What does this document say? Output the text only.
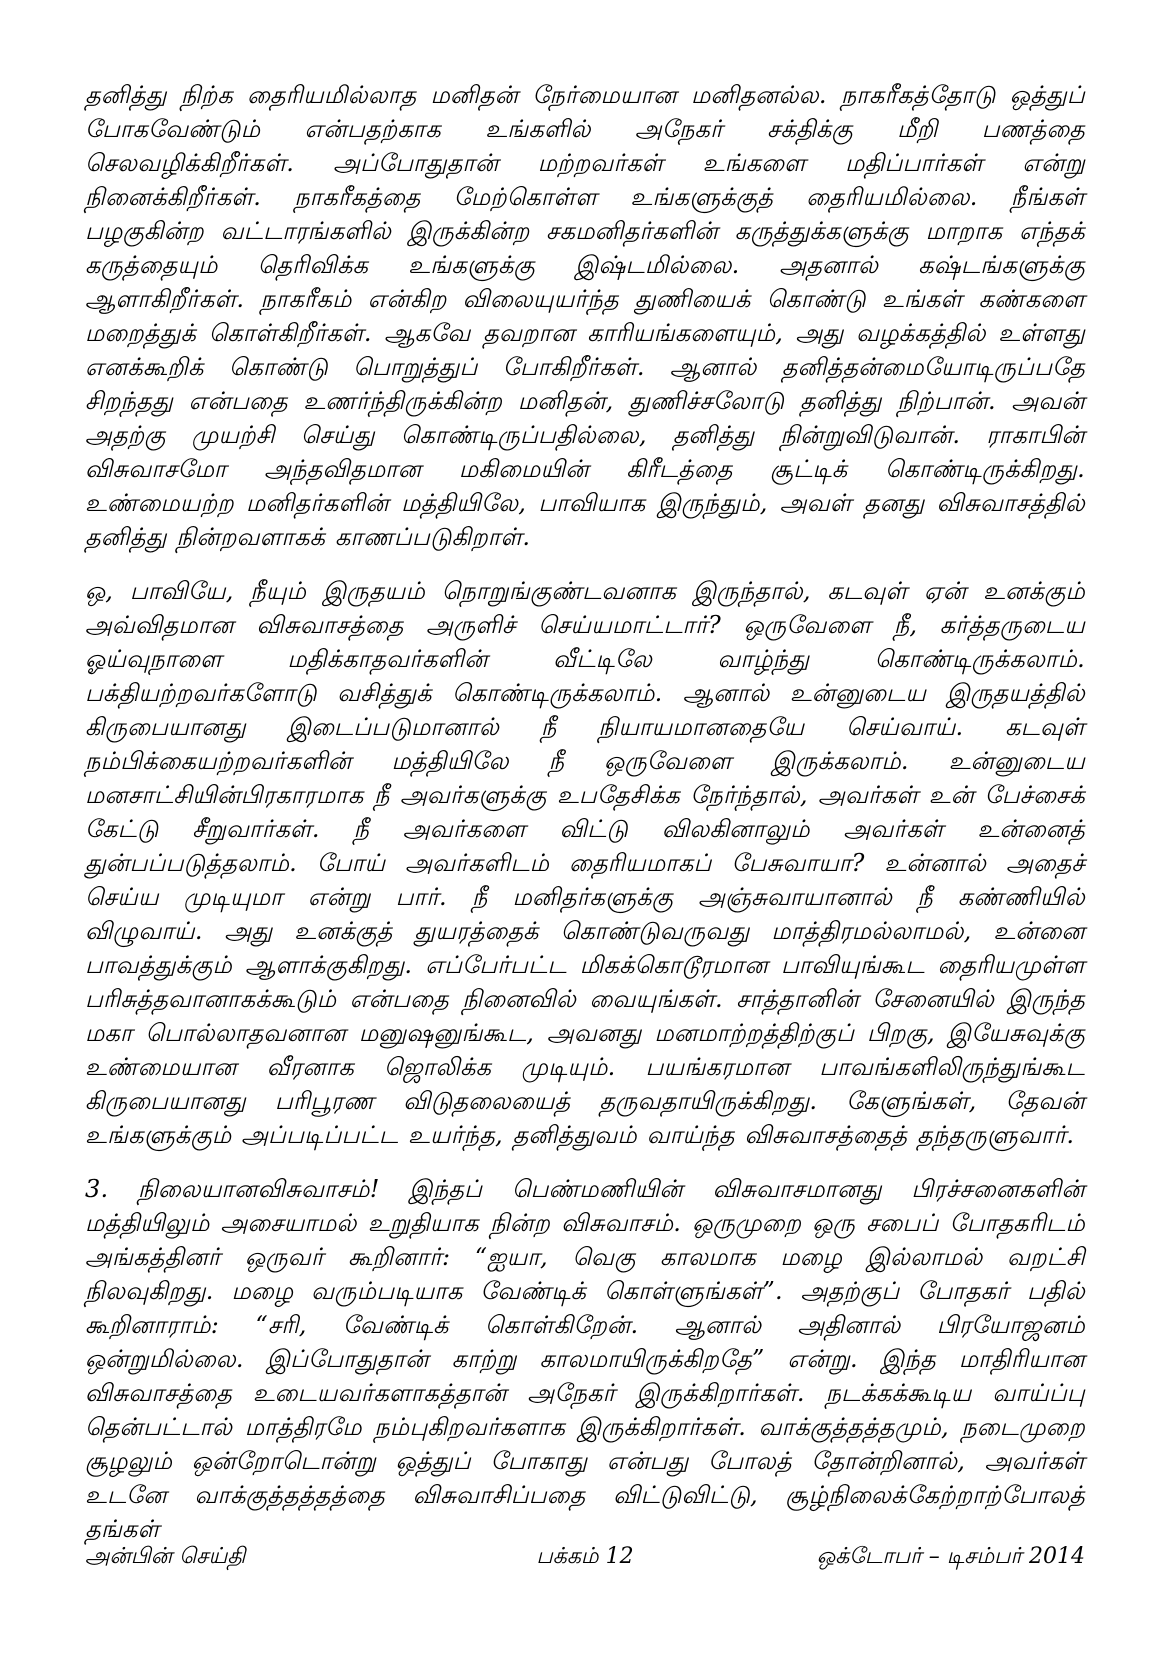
தனித்து நிற்க தைரியமில்லாத மனிதன் நேர்மையான மனிதனல்ல. நாகரீகத்தோடு ஒத்துப் போகவேண்டும் என்பதற்காக உங்களில் அநேகர் சக்திக்கு மீறி பணத்தை செலவழிக்கிறீர்கள். அப்போதுதான் மற்றவர்கள் உங்களை மதிப்பார்கள் என்று நினைக்கிறீர்கள். நாகரீகத்தை மேற்கொள்ள உங்களுக்குத் தைரியமில்லை. நீங்கள் பழகுகின்ற வட்டாரங்களில் இருக்கின்ற சகமனிதர்களின் கருத்துக்களுக்கு மாறாக எந்தக் கருத்தையும் தெரிவிக்க உங்களுக்கு இஷ்டமில்லை. அதனால் கஷ்டங்களுக்கு ஆளாகிறீர்கள். நாகரீகம் என்கிற விலையுயர்ந்த துணியைக் கொண்டு உங்கள் கண்களை மறைத்துக் கொள்கிறீர்கள். ஆகவே தவறான காரியங்களையும், அது வழக்கத்தில் உள்ளது எனக்கூறிக் கொண்டு பொறுத்துப் போகிறீர்கள். ஆனால் தனித்தன்மையோடிருப்பதே சிறந்தது என்பதை உணர்ந்திருக்கின்ற மனிதன், துணிச்சலோடு தனித்து நிற்பான். அவன் அதற்கு முயற்சி செய்து கொண்டிருப்பதில்லை, தனித்து நின்றுவிடுவான். ராகாபின் விசுவாசமோ அந்தவிதமான மகிமையின் கிரீடத்தை சூட்டிக் கொண்டிருக்கிறது. உண்மையற்ற மனிதர்களின் மத்தியிலே, பாவியாக இருந்தும், அவள் தனது விசுவாசத்தில் தனித்து நின்றவளாகக் காணப்படுகிறாள்.

ஒ, பாவியே, நீயும் இருதயம் நொறுங்குண்டவனாக இருந்தால், கடவுள் ஏன் உனக்கும் அவ்விதமான விசுவாசத்தை அருளிச் செய்யமாட்டார்? ஒருவேளை நீ, கர்த்தருடைய ஓய்வுநாளை மதிக்காதவர்களின் வீட்டிலே வாழ்ந்து கொண்டிருக்கலாம். பக்தியற்றவர்களோடு வசித்துக் கொண்டிருக்கலாம். ஆனால் உன்னுடைய இருதயத்தில் கிருபையானது இடைப்படுமானால் நீ நியாயமானதையே செய்வாய். கடவுள் நம்பிக்கையற்றவர்களின் மத்தியிலே நீ ஒருவேளை இருக்கலாம். உன்னுடைய மனசாட்சியின்பிரகாரமாக நீ அவர்களுக்கு உபதேசிக்க நேர்ந்தால், அவர்கள் உன் பேச்சைக் கேட்டு சீறுவார்கள். நீ அவர்களை விட்டு விலகினாலும் அவர்கள் உன்னைத் துன்பப்படுத்தலாம். போய் அவர்களிடம் தைரியமாகப் பேசுவாயா? உன்னால் அதைச் செய்ய முடியுமா என்று பார். நீ மனிதர்களுக்கு அஞ்சுவாயானால் நீ கண்ணியில் விழுவாய். அது உனக்குத் துயரத்தைக் கொண்டுவருவது மாத்திரமல்லாமல், உன்னை பாவத்துக்கும் ஆளாக்குகிறது. எப்பேர்பட்ட மிகக்கொடூரமான பாவியுங்கூட தைரியமுள்ள பரிசுத்தவானாகக்கூடும் என்பதை நினைவில் வையுங்கள். சாத்தானின் சேனையில் இருந்த மகா பொல்லாதவனான மனுஷனுங்கூட, அவனது மனமாற்றத்திற்குப் பிறகு, இயேசுவுக்கு உண்மையான வீரனாக ஜொலிக்க முடியும். பயங்கரமான பாவங்களிலிருந்துங்கூட கிருபையானது பரிபூரண விடுதலையைத் தருவதாயிருக்கிறது. கேளுங்கள், தேவன் உங்களுக்கும் அப்படிப்பட்ட உயர்ந்த, தனித்துவம் வாய்ந்த விசுவாசத்தைத் தந்தருளுவார்.

3. நிலையானவிசுவாசம்! இந்தப் பெண்மணியின் விசுவாசமானது பிரச்சனைகளின் மத்தியிலும் அசையாமல் உறுதியாக நின்ற விசுவாசம். ஒருமுறை ஒரு சபைப் போதகரிடம் அங்கத்தினர் ஒருவர் கூறினார்: “ஐயா, வெகு காலமாக மழை இல்லாமல் வறட்சி நிலவுகிறது. மழை வரும்படியாக வேண்டிக் கொள்ளுங்கள்”. அதற்குப் போதகர் பதில் கூறினாராம்: “சரி, வேண்டிக் கொள்கிறேன். ஆனால் அதினால் பிரயோஜனம் ஒன்றுமில்லை. இப்போதுதான் காற்று காலமாயிருக்கிறதே” என்று. இந்த மாதிரியான விசுவாசத்தை உடையவர்களாகத்தான் அநேகர் இருக்கிறார்கள். நடக்கக்கூடிய வாய்ப்பு தென்பட்டால் மாத்திரமே நம்புகிறவர்களாக இருக்கிறார்கள். வாக்குத்தத்தமும், நடைமுறை சூழலும் ஒன்றோடொன்று ஒத்துப் போகாது என்பது போலத் தோன்றினால், அவர்கள் உடனே வாக்குத்தத்தத்தை விசுவாசிப்பதை விட்டுவிட்டு, சூழ்நிலைக்கேற்றாற்போலத் தங்கள்

அன்பின் செய்தி	பக்கம் 12	ஒக்டோபர் – டிசம்பர் 2014
